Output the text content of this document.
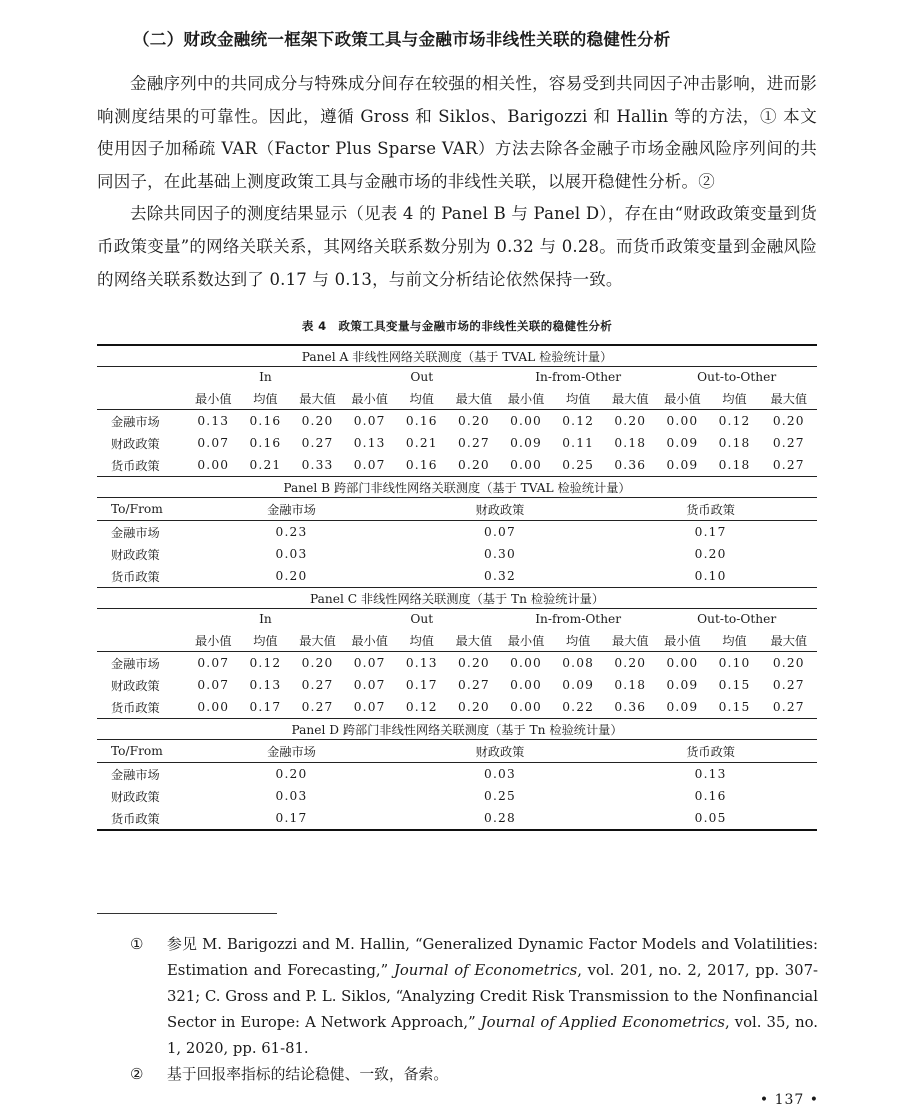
（二）财政金融统一框架下政策工具与金融市场非线性关联的稳健性分析

金融序列中的共同成分与特殊成分间存在较强的相关性，容易受到共同因子冲击影响，进而影响测度结果的可靠性。因此，遵循 Gross 和 Siklos、Barigozzi 和 Hallin 等的方法，① 本文使用因子加稀疏 VAR（Factor Plus Sparse VAR）方法去除各金融子市场金融风险序列间的共同因子，在此基础上测度政策工具与金融市场的非线性关联，以展开稳健性分析。②

去除共同因子的测度结果显示（见表 4 的 Panel B 与 Panel D），存在由“财政政策变量到货币政策变量”的网络关联关系，其网络关联系数分别为 0.32 与 0.28。而货币政策变量到金融风险的网络关联系数达到了 0.17 与 0.13，与前文分析结论依然保持一致。

表 4　政策工具变量与金融市场的非线性关联的稳健性分析
Panel A 非线性网络关联测度（基于 TVAL 检验统计量）												
	In			Out			In-from-Other			Out-to-Other		
	最小值	均值	最大值	最小值	均值	最大值	最小值	均值	最大值	最小值	均值	最大值
金融市场	0.13	0.16	0.20	0.07	0.16	0.20	0.00	0.12	0.20	0.00	0.12	0.20
财政政策	0.07	0.16	0.27	0.13	0.21	0.27	0.09	0.11	0.18	0.09	0.18	0.27
货币政策	0.00	0.21	0.33	0.07	0.16	0.20	0.00	0.25	0.36	0.09	0.18	0.27
Panel B 跨部门非线性网络关联测度（基于 TVAL 检验统计量）												
To/From	金融市场				财政政策				货币政策			
金融市场	0.23				0.07				0.17			
财政政策	0.03				0.30				0.20			
货币政策	0.20				0.32				0.10			
Panel C 非线性网络关联测度（基于 Tn 检验统计量）												
	In			Out			In-from-Other			Out-to-Other		
	最小值	均值	最大值	最小值	均值	最大值	最小值	均值	最大值	最小值	均值	最大值
金融市场	0.07	0.12	0.20	0.07	0.13	0.20	0.00	0.08	0.20	0.00	0.10	0.20
财政政策	0.07	0.13	0.27	0.07	0.17	0.27	0.00	0.09	0.18	0.09	0.15	0.27
货币政策	0.00	0.17	0.27	0.07	0.12	0.20	0.00	0.22	0.36	0.09	0.15	0.27
Panel D 跨部门非线性网络关联测度（基于 Tn 检验统计量）												
To/From	金融市场				财政政策				货币政策			
金融市场	0.20				0.03				0.13			
财政政策	0.03				0.25				0.16			
货币政策	0.17				0.28				0.05			
① 参见 M. Barigozzi and M. Hallin, “Generalized Dynamic Factor Models and Volatilities: Estimation and Forecasting,” Journal of Econometrics, vol. 201, no. 2, 2017, pp. 307-321; C. Gross and P. L. Siklos, “Analyzing Credit Risk Transmission to the Nonfinancial Sector in Europe: A Network Approach,” Journal of Applied Econometrics, vol. 35, no. 1, 2020, pp. 61-81.
② 基于回报率指标的结论稳健、一致，备索。
• 137 •
